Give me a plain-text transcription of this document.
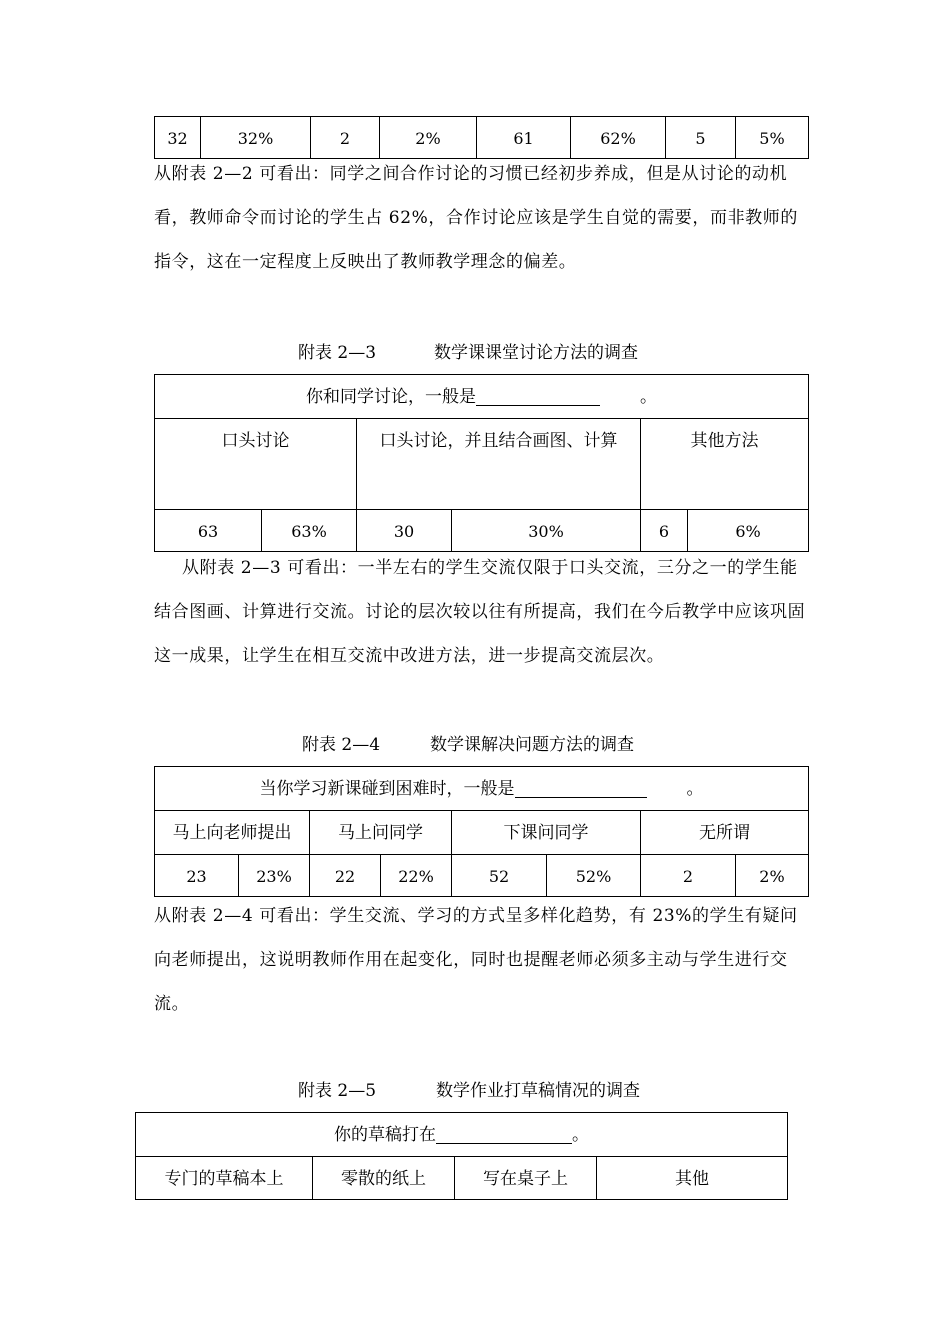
32	32%	2	2%	61	62%	5	5%
从附表 2—2 可看出：同学之间合作讨论的习惯已经初步养成，但是从讨论的动机看，教师命令而讨论的学生占 62%，合作讨论应该是学生自觉的需要，而非教师的指令，这在一定程度上反映出了教师教学理念的偏差。
附表 2—3	数学课课堂讨论方法的调查
你和同学讨论，一般是 。					
口头讨论		口头讨论，并且结合画图、计算		其他方法	
63	63%	30	30%	6	6%
从附表 2—3 可看出：一半左右的学生交流仅限于口头交流，三分之一的学生能结合图画、计算进行交流。讨论的层次较以往有所提高，我们在今后教学中应该巩固这一成果，让学生在相互交流中改进方法，进一步提高交流层次。
附表 2—4	数学课解决问题方法的调查
当你学习新课碰到困难时，一般是 。							
马上向老师提出		马上问同学		下课问同学		无所谓	
23	23%	22	22%	52	52%	2	2%
从附表 2—4 可看出：学生交流、学习的方式呈多样化趋势，有 23%的学生有疑问向老师提出，这说明教师作用在起变化，同时也提醒老师必须多主动与学生进行交流。
附表 2—5	数学作业打草稿情况的调查
你的草稿打在	。
专门的草稿本上	零散的纸上	写在桌子上	其他
